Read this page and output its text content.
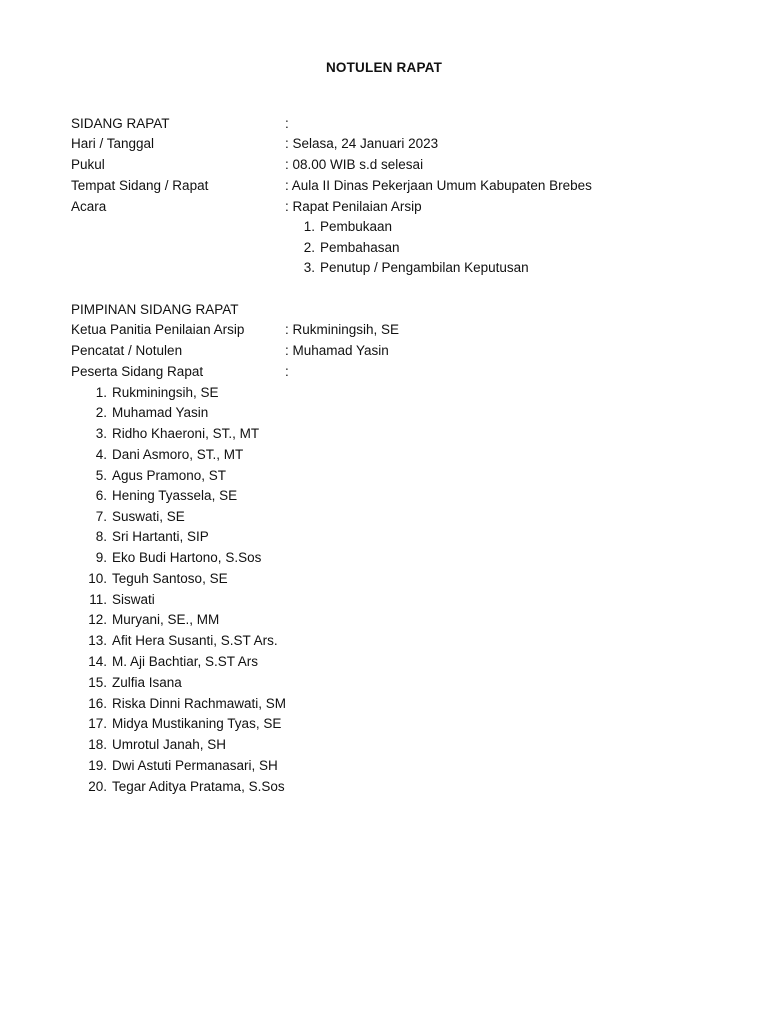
NOTULEN RAPAT
SIDANG RAPAT	:
Hari / Tanggal	: Selasa, 24 Januari 2023
Pukul	: 08.00 WIB s.d selesai
Tempat Sidang / Rapat	: Aula II Dinas Pekerjaan Umum Kabupaten Brebes
Acara	: Rapat Penilaian Arsip
1. Pembukaan
2. Pembahasan
3. Penutup / Pengambilan Keputusan
PIMPINAN SIDANG RAPAT
Ketua Panitia Penilaian Arsip	: Rukminingsih, SE
Pencatat / Notulen	: Muhamad Yasin
Peserta Sidang Rapat	:
1. Rukminingsih, SE
2. Muhamad Yasin
3. Ridho Khaeroni, ST., MT
4. Dani Asmoro, ST., MT
5. Agus Pramono, ST
6. Hening Tyassela, SE
7. Suswati, SE
8. Sri Hartanti, SIP
9. Eko Budi Hartono, S.Sos
10. Teguh Santoso, SE
11. Siswati
12. Muryani, SE., MM
13. Afit Hera Susanti, S.ST Ars.
14. M. Aji Bachtiar, S.ST Ars
15. Zulfia Isana
16. Riska Dinni Rachmawati, SM
17. Midya Mustikaning Tyas, SE
18. Umrotul Janah, SH
19. Dwi Astuti Permanasari, SH
20. Tegar Aditya Pratama, S.Sos
